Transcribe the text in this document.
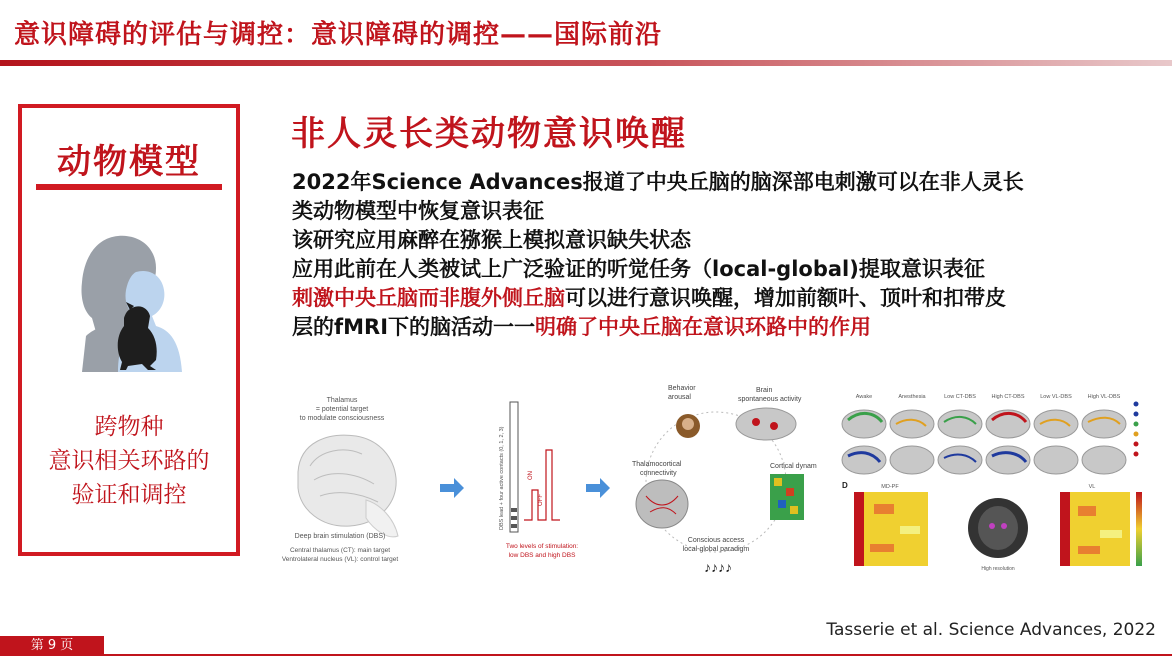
意识障碍的评估与调控：意识障碍的调控——国际前沿
动物模型
跨物种
意识相关环路的
验证和调控
非人灵长类动物意识唤醒
2022年Science Advances报道了中央丘脑的脑深部电刺激可以在非人灵长
类动物模型中恢复意识表征
该研究应用麻醉在猕猴上模拟意识缺失状态
应用此前在人类被试上广泛验证的听觉任务（local-global)提取意识表征
刺激中央丘脑而非腹外侧丘脑可以进行意识唤醒，增加前额叶、顶叶和扣带皮
层的fMRI下的脑活动一一明确了中央丘脑在意识环路中的作用
Thalamus
= potential target
to modulate consciousness
Deep brain stimulation (DBS)
Central thalamus (CT): main target
Ventrolateral nucleus (VL): control target
DBS lead + four active contacts (0, 1, 2, 3)	ON
OFF
Two levels of stimulation:
low DBS and high DBS
Behavior
arousal
Brain
spontaneous activity
Thalamocortical
connectivity
Cortical dynam
Conscious access
local-global paradigm
♪♪♪♪
Awake	Anesthesia	Low CT-DBS	High CT-DBS	Low VL-DBS	High VL-DBS
D	MD-PF
High resolution
VL
Tasserie et al. Science Advances, 2022
第 9 页
